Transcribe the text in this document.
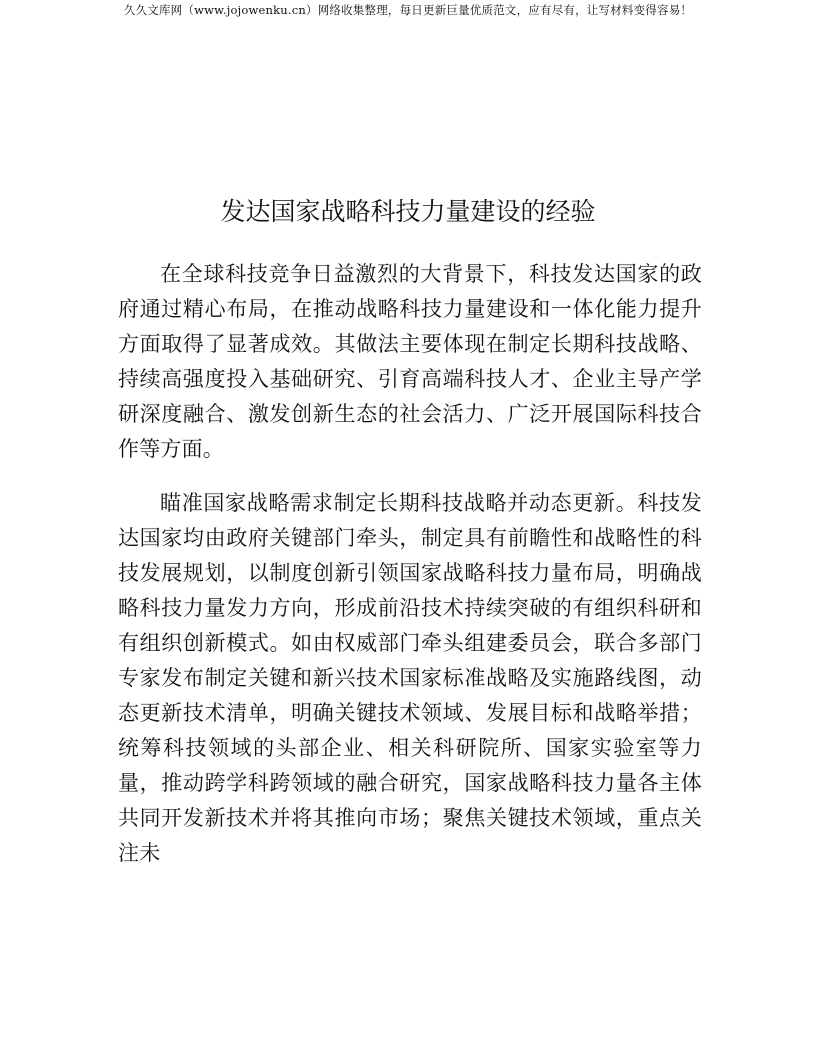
久久文库网（www.jojowenku.cn）网络收集整理，每日更新巨量优质范文，应有尽有，让写材料变得容易！
发达国家战略科技力量建设的经验

在全球科技竞争日益激烈的大背景下，科技发达国家的政府通过精心布局，在推动战略科技力量建设和一体化能力提升方面取得了显著成效。其做法主要体现在制定长期科技战略、持续高强度投入基础研究、引育高端科技人才、企业主导产学研深度融合、激发创新生态的社会活力、广泛开展国际科技合作等方面。

瞄准国家战略需求制定长期科技战略并动态更新。科技发达国家均由政府关键部门牵头，制定具有前瞻性和战略性的科技发展规划，以制度创新引领国家战略科技力量布局，明确战略科技力量发力方向，形成前沿技术持续突破的有组织科研和有组织创新模式。如由权威部门牵头组建委员会，联合多部门专家发布制定关键和新兴技术国家标准战略及实施路线图，动态更新技术清单，明确关键技术领域、发展目标和战略举措；统筹科技领域的头部企业、相关科研院所、国家实验室等力量，推动跨学科跨领域的融合研究，国家战略科技力量各主体共同开发新技术并将其推向市场；聚焦关键技术领域，重点关注未
